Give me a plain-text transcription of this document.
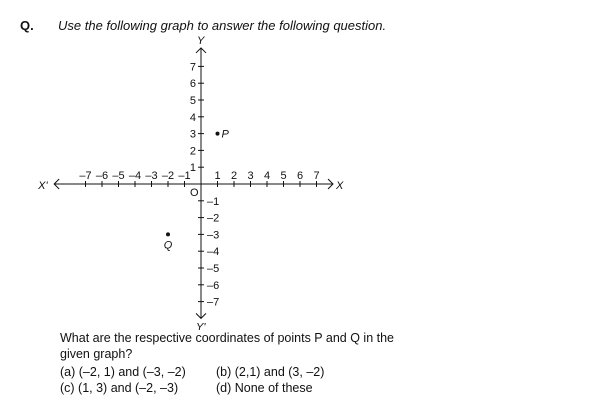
Q. Use the following graph to answer the following question.
X
X'
Y
Y'
O
–7 –6 –5 –4 –3 –2 –1 1 2 3 4 5 6 7
7
6
5
4
3
2
1
–1
–2
–3
–4
–5
–6
–7
P
Q
What are the respective coordinates of points P and Q in the given graph?
(a) (–2, 1) and (–3, –2) (b) (2,1) and (3, –2)
(c) (1, 3) and (–2, –3)	(d) None of these
